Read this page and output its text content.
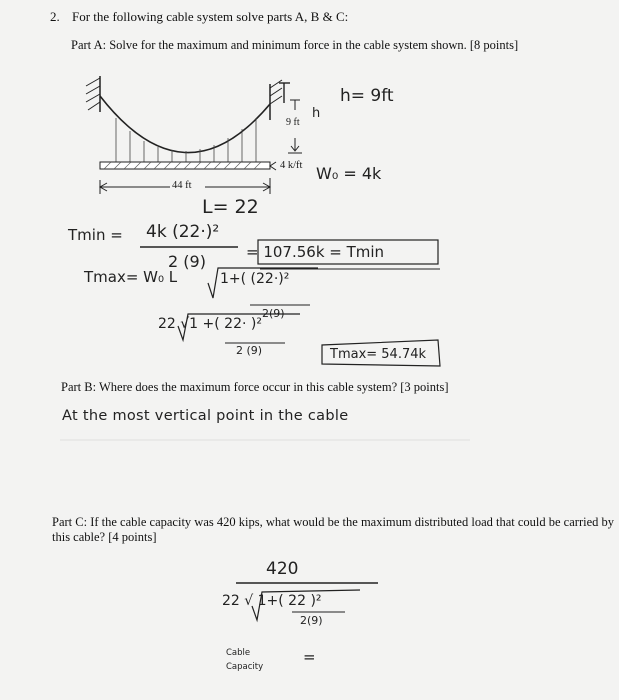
2. For the following cable system solve parts A, B & C:
Part A: Solve for the maximum and minimum force in the cable system shown. [8 points]
9 ft
h
4 k/ft
44 ft
h= 9ft
W₀ = 4k
L= 22
Tmin = 4k (22·)²
2 (9)	= 107.56k = Tmin
Tmax= W₀ L	1+( (22·)²
2(9)
22 √1 +( 22· )²
2 (9)	Tmax= 54.74k
Part B: Where does the maximum force occur in this cable system? [3 points]
At the most vertical point in the cable
Part C: If the cable capacity was 420 kips, what would be the maximum distributed load that could be carried by
this cable? [4 points]
420
22 √ 1+( 22 )²
2(9)
Cable
Capacity
=
